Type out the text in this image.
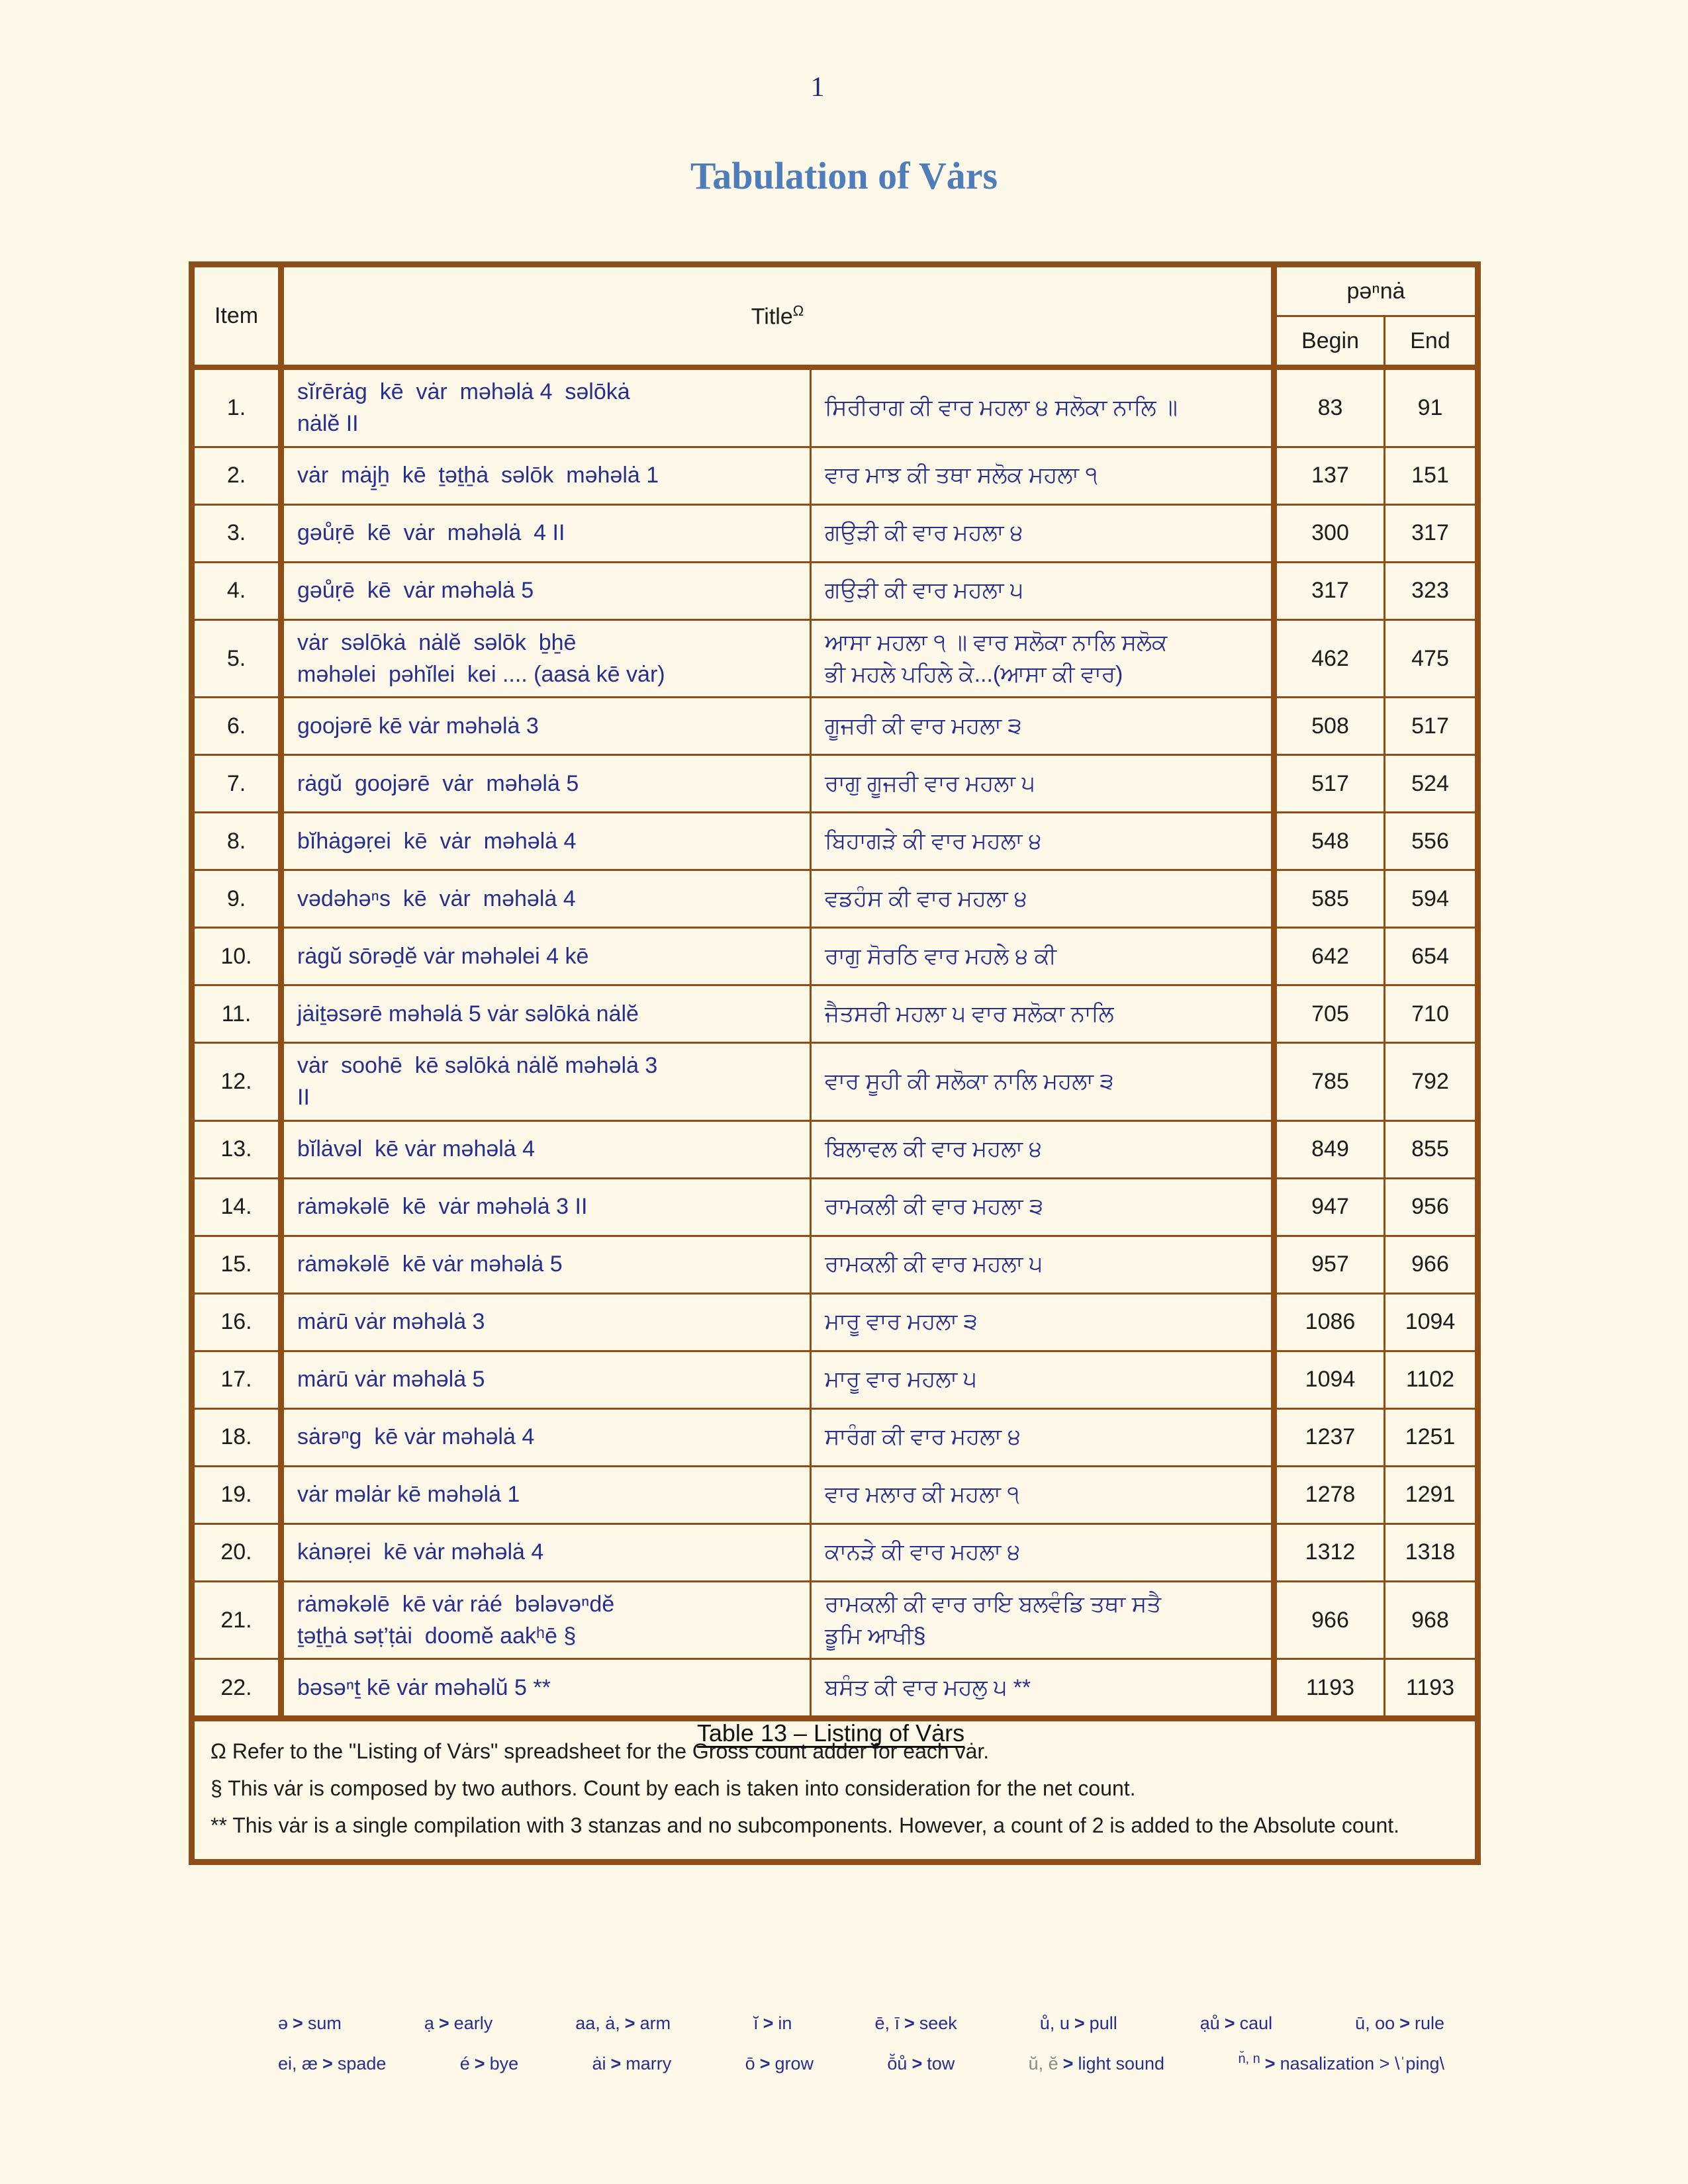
1
Tabulation of Vȧrs
Item	Title$^\Omega$		pəⁿnȧ	
			Begin	End
1.	sĭrērȧg  kē  vȧr  məhəlȧ 4  səlōkȧ
nȧlĕ II	ਸਿਰੀਰਾਗ ਕੀ ਵਾਰ ਮਹਲਾ ੪ ਸਲੋਕਾ ਨਾਲਿ ॥	83	91
2.	vȧr  mȧj̱ẖ  kē  ṯəṯẖȧ  səlōk  məhəlȧ 1	ਵਾਰ ਮਾਝ ਕੀ ਤਥਾ ਸਲੋਕ ਮਹਲਾ ੧	137	151
3.	gəůṛē  kē  vȧr  məhəlȧ  4 II	ਗਉੜੀ ਕੀ ਵਾਰ ਮਹਲਾ ੪	300	317
4.	gəůṛē  kē  vȧr məhəlȧ 5	ਗਉੜੀ ਕੀ ਵਾਰ ਮਹਲਾ ੫	317	323
5.	vȧr  səlōkȧ  nȧlĕ  səlōk  ḇẖē
məhəlei  pəhĭlei  kei .... (aasȧ kē vȧr)	ਆਸਾ ਮਹਲਾ ੧ ॥ ਵਾਰ ਸਲੋਕਾ ਨਾਲਿ ਸਲੋਕ
ਭੀ ਮਹਲੇ ਪਹਿਲੇ ਕੇ...(ਆਸਾ ਕੀ ਵਾਰ)	462	475
6.	goojərē kē vȧr məhəlȧ 3	ਗੂਜਰੀ ਕੀ ਵਾਰ ਮਹਲਾ ੩	508	517
7.	rȧgŭ  goojərē  vȧr  məhəlȧ 5	ਰਾਗੁ ਗੂਜਰੀ ਵਾਰ ਮਹਲਾ ੫	517	524
8.	bĭhȧgəṛei  kē  vȧr  məhəlȧ 4	ਬਿਹਾਗੜੇ ਕੀ ਵਾਰ ਮਹਲਾ ੪	548	556
9.	vədəhəⁿs  kē  vȧr  məhəlȧ 4	ਵਡਹੰਸ ਕੀ ਵਾਰ ਮਹਲਾ ੪	585	594
10.	rȧgŭ sōrəḏĕ vȧr məhəlei 4 kē	ਰਾਗੁ ਸੋਰਠਿ ਵਾਰ ਮਹਲੇ ੪ ਕੀ	642	654
11.	jȧiṯəsərē məhəlȧ 5 vȧr səlōkȧ nȧlĕ	ਜੈਤਸਰੀ ਮਹਲਾ ੫ ਵਾਰ ਸਲੋਕਾ ਨਾਲਿ	705	710
12.	vȧr  soohē  kē səlōkȧ nȧlĕ məhəlȧ 3
II	ਵਾਰ ਸੂਹੀ ਕੀ ਸਲੋਕਾ ਨਾਲਿ ਮਹਲਾ ੩	785	792
13.	bĭlȧvəl  kē vȧr məhəlȧ 4	ਬਿਲਾਵਲ ਕੀ ਵਾਰ ਮਹਲਾ ੪	849	855
14.	rȧməkəlē  kē  vȧr məhəlȧ 3 II	ਰਾਮਕਲੀ ਕੀ ਵਾਰ ਮਹਲਾ ੩	947	956
15.	rȧməkəlē  kē vȧr məhəlȧ 5	ਰਾਮਕਲੀ ਕੀ ਵਾਰ ਮਹਲਾ ੫	957	966
16.	mȧrū vȧr məhəlȧ 3	ਮਾਰੂ ਵਾਰ ਮਹਲਾ ੩	1086	1094
17.	mȧrū vȧr məhəlȧ 5	ਮਾਰੂ ਵਾਰ ਮਹਲਾ ੫	1094	1102
18.	sȧrəⁿg  kē vȧr məhəlȧ 4	ਸਾਰੰਗ ਕੀ ਵਾਰ ਮਹਲਾ ੪	1237	1251
19.	vȧr məlȧr kē məhəlȧ 1	ਵਾਰ ਮਲਾਰ ਕੀ ਮਹਲਾ ੧	1278	1291
20.	kȧnəṛei  kē vȧr məhəlȧ 4	ਕਾਨੜੇ ਕੀ ਵਾਰ ਮਹਲਾ ੪	1312	1318
21.	rȧməkəlē  kē vȧr rȧé  bələvəⁿdĕ
ṯəṯẖȧ səṭ’ṭȧi  doomĕ aakʰē §	ਰਾਮਕਲੀ ਕੀ ਵਾਰ ਰਾਇ ਬਲਵੰਡਿ ਤਥਾ ਸਤੈ
ਡੂਮਿ ਆਖੀ§	966	968
22.	bəsəⁿṯ kē vȧr məhəlŭ 5 **	ਬਸੰਤ ਕੀ ਵਾਰ ਮਹਲੁ ੫ **	1193	1193

Ω Refer to the "Listing of Vȧrs" spreadsheet for the Gross count adder for each vȧr.

§ This vȧr is composed by two authors. Count by each is taken into consideration for the net count.

** This vȧr is a single compilation with 3 stanzas and no subcomponents. However, a count of 2 is added to the Absolute count.				

Table 13 – Listing of Vȧrs
ə > sum	ạ > early	aa, ȧ, > arm	ĭ > in	ē, ī > seek	ů, u > pull	ạů > caul	ū, oo > rule
ei, æ > spade	é > bye	ȧi > marry	ō > grow	ō̆ů > tow	ŭ, ĕ > light sound	$^{n̆, n}$ > nasalization > \ˈping\
